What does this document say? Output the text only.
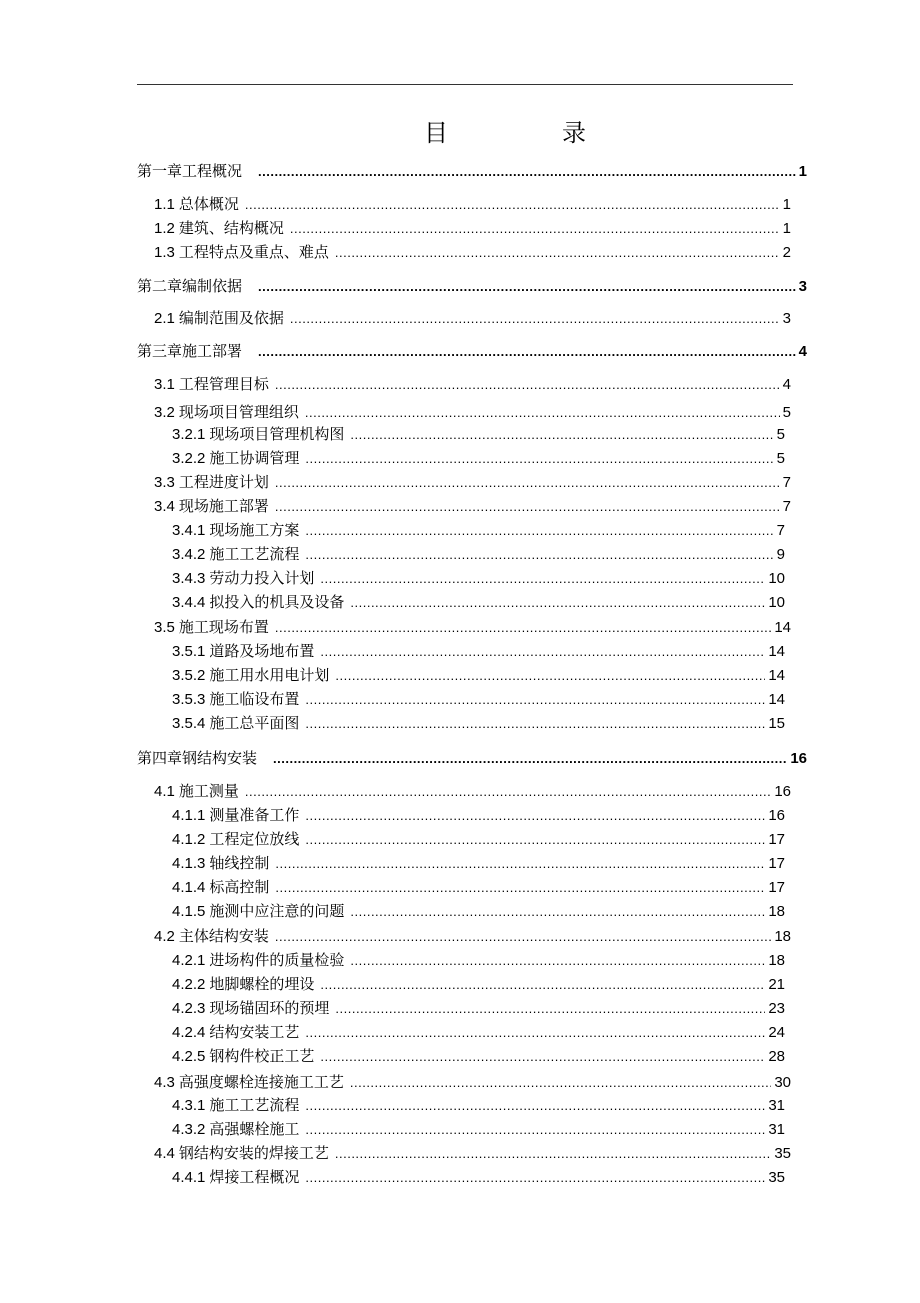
目	录
第一章工程概况 .....	1
1.1 总体概况 .....	1
1.2 建筑、结构概况 .....	1
1.3 工程特点及重点、难点 .....	2
第二章编制依据 .....	3
2.1 编制范围及依据 .....	3
第三章施工部署 .....	4
3.1 工程管理目标 .....	4
3.2 现场项目管理组织 .....	5
3.2.1 现场项目管理机构图 .....	5
3.2.2 施工协调管理 .....	5
3.3 工程进度计划 .....	7
3.4 现场施工部署 .....	7
3.4.1 现场施工方案 .....	7
3.4.2 施工工艺流程 .....	9
3.4.3 劳动力投入计划 .....	10
3.4.4 拟投入的机具及设备 .....	10
3.5 施工现场布置 .....	14
3.5.1 道路及场地布置 .....	14
3.5.2 施工用水用电计划 .....	14
3.5.3 施工临设布置 .....	14
3.5.4 施工总平面图 .....	15
第四章钢结构安装 .....	16
4.1 施工测量 .....	16
4.1.1 测量准备工作 .....	16
4.1.2 工程定位放线 .....	17
4.1.3 轴线控制 .....	17
4.1.4 标高控制 .....	17
4.1.5 施测中应注意的问题 .....	18
4.2 主体结构安装 .....	18
4.2.1 进场构件的质量检验 .....	18
4.2.2 地脚螺栓的埋设 .....	21
4.2.3 现场锚固环的预埋 .....	23
4.2.4 结构安装工艺 .....	24
4.2.5 钢构件校正工艺 .....	28
4.3 高强度螺栓连接施工工艺 .....	30
4.3.1 施工工艺流程 .....	31
4.3.2 高强螺栓施工 .....	31
4.4 钢结构安装的焊接工艺 .....	35
4.4.1 焊接工程概况 .....	35
